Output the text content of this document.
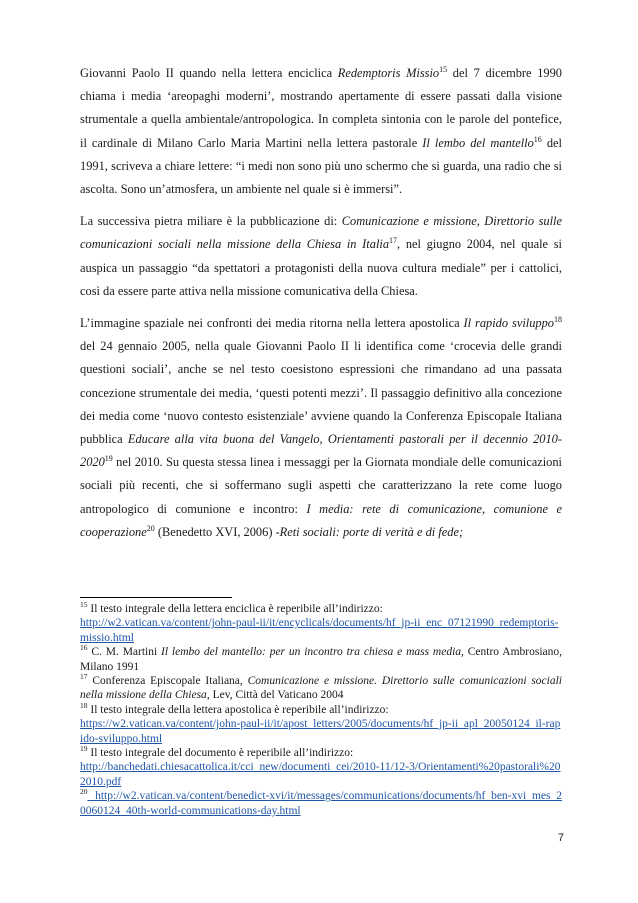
Giovanni Paolo II quando nella lettera enciclica Redemptoris Missio$^{15}$ del 7 dicembre 1990 chiama i media ‘areopaghi moderni’, mostrando apertamente di essere passati dalla visione strumentale a quella ambientale/antropologica. In completa sintonia con le parole del pontefice, il cardinale di Milano Carlo Maria Martini nella lettera pastorale Il lembo del mantello$^{16}$ del 1991, scriveva a chiare lettere: “i medi non sono più uno schermo che si guarda, una radio che si ascolta. Sono un’atmosfera, un ambiente nel quale si è immersi”.

La successiva pietra miliare è la pubblicazione di: Comunicazione e missione, Direttorio sulle comunicazioni sociali nella missione della Chiesa in Italia$^{17}$, nel giugno 2004, nel quale si auspica un passaggio “da spettatori a protagonisti della nuova cultura mediale” per i cattolici, così da essere parte attiva nella missione comunicativa della Chiesa.

L’immagine spaziale nei confronti dei media ritorna nella lettera apostolica Il rapido sviluppo$^{18}$ del 24 gennaio 2005, nella quale Giovanni Paolo II li identifica come ‘crocevia delle grandi questioni sociali’, anche se nel testo coesistono espressioni che rimandano ad una passata concezione strumentale dei media, ‘questi potenti mezzi’. Il passaggio definitivo alla concezione dei media come ‘nuovo contesto esistenziale’ avviene quando la Conferenza Episcopale Italiana pubblica Educare alla vita buona del Vangelo, Orientamenti pastorali per il decennio 2010-2020$^{19}$ nel 2010. Su questa stessa linea i messaggi per la Giornata mondiale delle comunicazioni sociali più recenti, che si soffermano sugli aspetti che caratterizzano la rete come luogo antropologico di comunione e incontro: I media: rete di comunicazione, comunione e cooperazione$^{20}$ (Benedetto XVI, 2006) -Reti sociali: porte di verità e di fede;

$^{15}$ Il testo integrale della lettera enciclica è reperibile all’indirizzo:
http://w2.vatican.va/content/john-paul-ii/it/encyclicals/documents/hf_jp-ii_enc_07121990_redemptoris-missio.html
$^{16}$ C. M. Martini Il lembo del mantello: per un incontro tra chiesa e mass media, Centro Ambrosiano, Milano 1991
$^{17}$ Conferenza Episcopale Italiana, Comunicazione e missione. Direttorio sulle comunicazioni sociali nella missione della Chiesa, Lev, Città del Vaticano 2004
$^{18}$ Il testo integrale della lettera apostolica è reperibile all’indirizzo:
https://w2.vatican.va/content/john-paul-ii/it/apost_letters/2005/documents/hf_jp-ii_apl_20050124_il-rapido-sviluppo.html
$^{19}$ Il testo integrale del documento è reperibile all’indirizzo:
http://banchedati.chiesacattolica.it/cci_new/documenti_cei/2010-11/12-3/Orientamenti%20pastorali%202010.pdf
$^{20}$ http://w2.vatican.va/content/benedict-xvi/it/messages/communications/documents/hf_ben-xvi_mes_20060124_40th-world-communications-day.html
7
